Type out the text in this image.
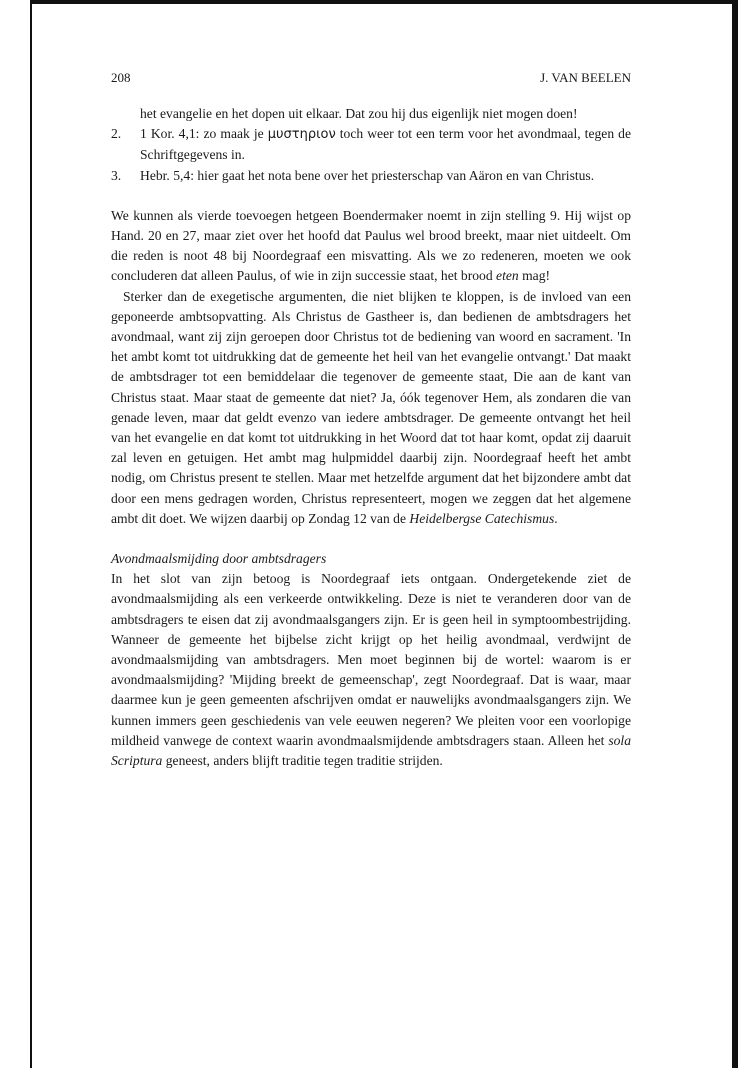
208	J. VAN BEELEN
het evangelie en het dopen uit elkaar. Dat zou hij dus eigenlijk niet mogen doen!
2. 1 Kor. 4,1: zo maak je μυστηριον toch weer tot een term voor het avondmaal, tegen de Schriftgegevens in.
3. Hebr. 5,4: hier gaat het nota bene over het priesterschap van Aäron en van Christus.

We kunnen als vierde toevoegen hetgeen Boendermaker noemt in zijn stelling 9. Hij wijst op Hand. 20 en 27, maar ziet over het hoofd dat Paulus wel brood breekt, maar niet uitdeelt. Om die reden is noot 48 bij Noordegraaf een misvatting. Als we zo redeneren, moeten we ook concluderen dat alleen Paulus, of wie in zijn successie staat, het brood eten mag!

Sterker dan de exegetische argumenten, die niet blijken te kloppen, is de invloed van een geponeerde ambtsopvatting. Als Christus de Gastheer is, dan bedienen de ambtsdragers het avondmaal, want zij zijn geroepen door Christus tot de bediening van woord en sacrament. 'In het ambt komt tot uitdrukking dat de gemeente het heil van het evangelie ontvangt.' Dat maakt de ambtsdrager tot een bemiddelaar die tegenover de gemeente staat, Die aan de kant van Christus staat. Maar staat de gemeente dat niet? Ja, óók tegenover Hem, als zondaren die van genade leven, maar dat geldt evenzo van iedere ambtsdrager. De gemeente ontvangt het heil van het evangelie en dat komt tot uitdrukking in het Woord dat tot haar komt, opdat zij daaruit zal leven en getuigen. Het ambt mag hulpmiddel daarbij zijn. Noordegraaf heeft het ambt nodig, om Christus present te stellen. Maar met hetzelfde argument dat het bijzondere ambt dat door een mens gedragen worden, Christus representeert, mogen we zeggen dat het algemene ambt dit doet. We wijzen daarbij op Zondag 12 van de Heidelbergse Catechismus.

Avondmaalsmijding door ambtsdragers

In het slot van zijn betoog is Noordegraaf iets ontgaan. Ondergetekende ziet de avondmaalsmijding als een verkeerde ontwikkeling. Deze is niet te veranderen door van de ambtsdragers te eisen dat zij avondmaalsgangers zijn. Er is geen heil in symptoombestrijding. Wanneer de gemeente het bijbelse zicht krijgt op het heilig avondmaal, verdwijnt de avondmaalsmijding van ambtsdragers. Men moet beginnen bij de wortel: waarom is er avondmaalsmijding? 'Mijding breekt de gemeenschap', zegt Noordegraaf. Dat is waar, maar daarmee kun je geen gemeenten afschrijven omdat er nauwelijks avondmaalsgangers zijn. We kunnen immers geen geschiedenis van vele eeuwen negeren? We pleiten voor een voorlopige mildheid vanwege de context waarin avondmaalsmijdende ambtsdragers staan. Alleen het sola Scriptura geneest, anders blijft traditie tegen traditie strijden.
